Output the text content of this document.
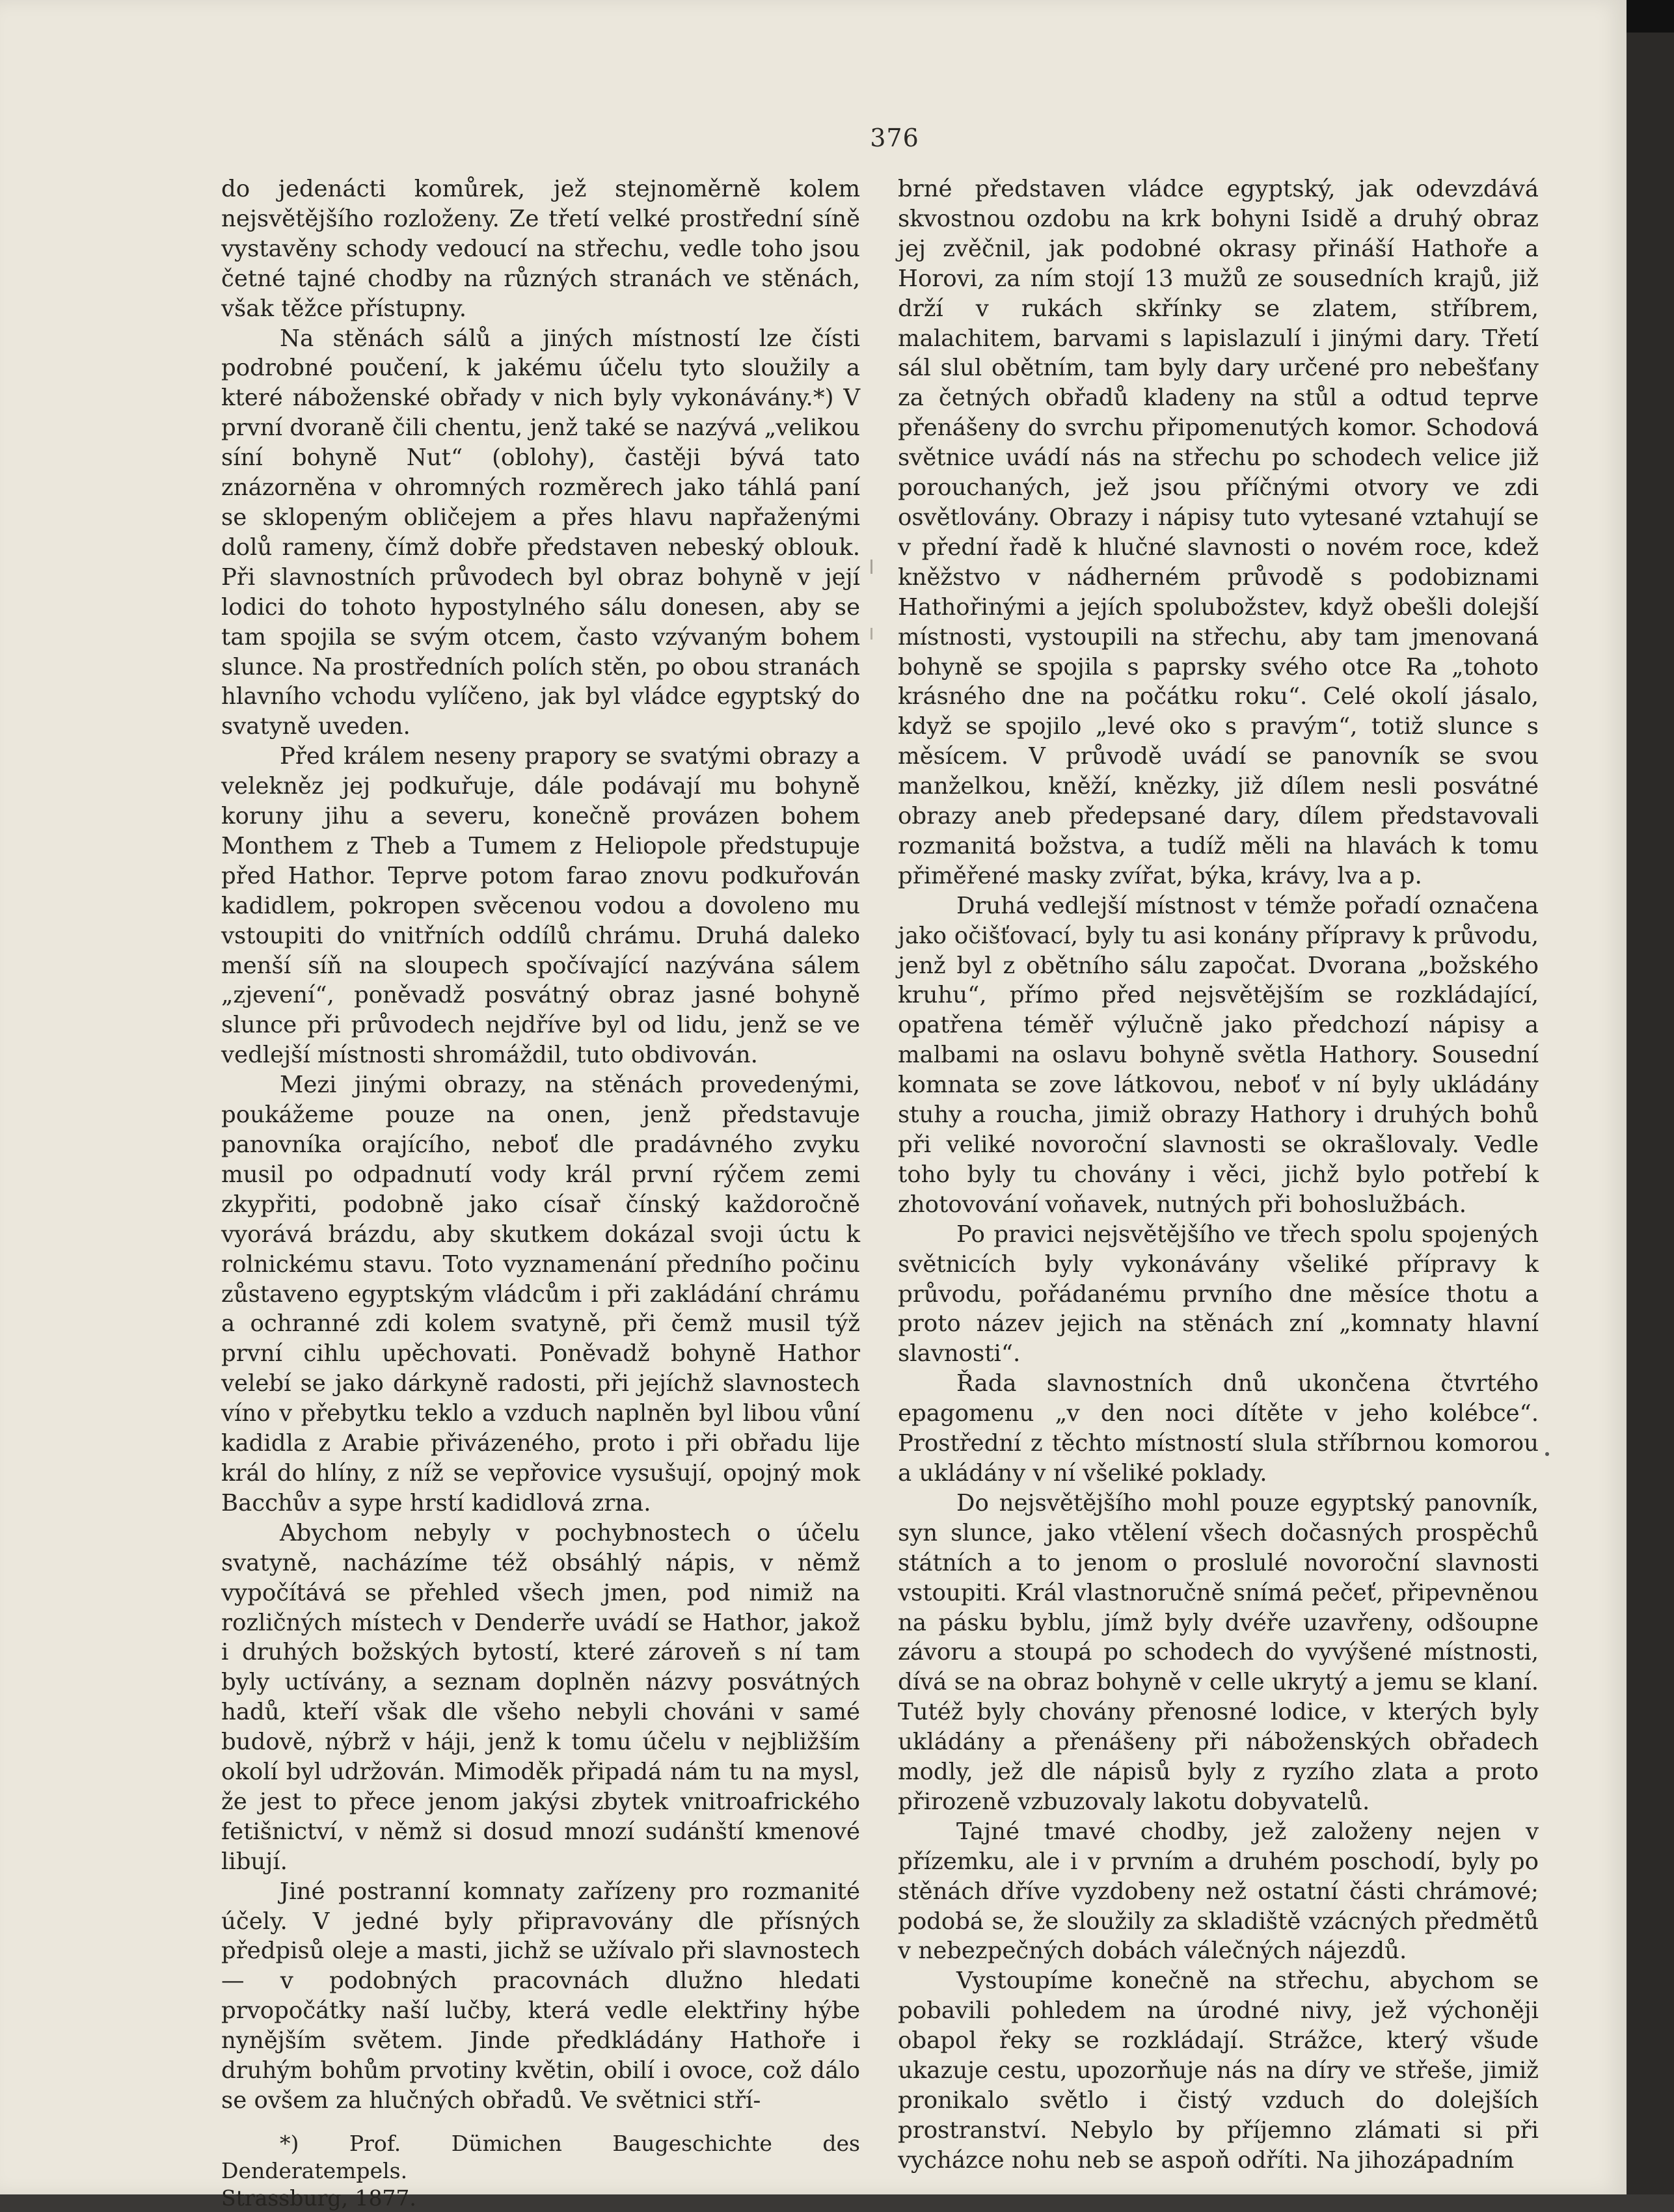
376

do jedenácti komůrek, jež stejnoměrně kolem nejsvětějšího rozloženy. Ze třetí velké prostřední síně vystavěny schody vedoucí na střechu, vedle toho jsou četné tajné chodby na různých stranách ve stěnách, však těžce přístupny.

Na stěnách sálů a jiných místností lze čísti podrobné poučení, k jakému účelu tyto sloužily a které náboženské obřady v nich byly vykonávány.*) V první dvoraně čili chentu, jenž také se nazývá „velikou síní bohyně Nut“ (oblohy), častěji bývá tato znázorněna v ohromných rozměrech jako táhlá paní se sklopeným obličejem a přes hlavu napřaženými dolů rameny, čímž dobře představen nebeský oblouk. Při slavnostních průvodech byl obraz bohyně v její lodici do tohoto hypostylného sálu donesen, aby se tam spojila se svým otcem, často vzývaným bohem slunce. Na prostředních polích stěn, po obou stranách hlavního vchodu vylíčeno, jak byl vládce egyptský do svatyně uveden.

Před králem neseny prapory se svatými obrazy a velekněz jej podkuřuje, dále podávají mu bohyně koruny jihu a severu, konečně provázen bohem Monthem z Theb a Tumem z Heliopole předstupuje před Hathor. Teprve potom farao znovu podkuřován kadidlem, pokropen svěcenou vodou a dovoleno mu vstoupiti do vnitřních oddílů chrámu. Druhá daleko menší síň na sloupech spočívající nazývána sálem „zjevení“, poněvadž posvátný obraz jasné bohyně slunce při průvodech nejdříve byl od lidu, jenž se ve vedlejší místnosti shromáždil, tuto obdivován.

Mezi jinými obrazy, na stěnách provedenými, poukážeme pouze na onen, jenž představuje panovníka orajícího, neboť dle pradávného zvyku musil po odpadnutí vody král první rýčem zemi zkypřiti, podobně jako císař čínský každoročně vyorává brázdu, aby skutkem dokázal svoji úctu k rolnickému stavu. Toto vyznamenání předního počinu zůstaveno egyptským vládcům i při zakládání chrámu a ochranné zdi kolem svatyně, při čemž musil týž první cihlu upěchovati. Poněvadž bohyně Hathor velebí se jako dárkyně radosti, při jejíchž slavnostech víno v přebytku teklo a vzduch naplněn byl libou vůní kadidla z Arabie přivázeného, proto i při obřadu lije král do hlíny, z níž se vepřovice vysušují, opojný mok Bacchův a sype hrstí kadidlová zrna.

Abychom nebyly v pochybnostech o účelu svatyně, nacházíme též obsáhlý nápis, v němž vypočítává se přehled všech jmen, pod nimiž na rozličných místech v Denderře uvádí se Hathor, jakož i druhých božských bytostí, které zároveň s ní tam byly uctívány, a seznam doplněn názvy posvátných hadů, kteří však dle všeho nebyli chováni v samé budově, nýbrž v háji, jenž k tomu účelu v nejbližším okolí byl udržován. Mimoděk připadá nám tu na mysl, že jest to přece jenom jakýsi zbytek vnitroafrického fetišnictví, v němž si dosud mnozí sudánští kmenové libují.

Jiné postranní komnaty zařízeny pro rozmanité účely. V jedné byly připravovány dle přísných předpisů oleje a masti, jichž se užívalo při slavnostech — v podobných pracovnách dlužno hledati prvopočátky naší lučby, která vedle elektřiny hýbe nynějším světem. Jinde předkládány Hathoře i druhým bohům prvotiny květin, obilí i ovoce, což dálo se ovšem za hlučných obřadů. Ve světnici stří-

*) Prof. Dümichen Baugeschichte des Denderatempels.
Strassburg, 1877.

brné představen vládce egyptský, jak odevzdává skvostnou ozdobu na krk bohyni Isidě a druhý obraz jej zvěčnil, jak podobné okrasy přináší Hathoře a Horovi, za ním stojí 13 mužů ze sousedních krajů, již drží v rukách skřínky se zlatem, stříbrem, malachitem, barvami s lapislazulí i jinými dary. Třetí sál slul obětním, tam byly dary určené pro nebešťany za četných obřadů kladeny na stůl a odtud teprve přenášeny do svrchu připomenutých komor. Schodová světnice uvádí nás na střechu po schodech velice již porouchaných, jež jsou příčnými otvory ve zdi osvětlovány. Obrazy i nápisy tuto vytesané vztahují se v přední řadě k hlučné slavnosti o novém roce, kdež kněžstvo v nádherném průvodě s podobiznami Hathořinými a jejích spolubožstev, když obešli dolejší místnosti, vystoupili na střechu, aby tam jmenovaná bohyně se spojila s paprsky svého otce Ra „tohoto krásného dne na počátku roku“. Celé okolí jásalo, když se spojilo „levé oko s pravým“, totiž slunce s měsícem. V průvodě uvádí se panovník se svou manželkou, kněží, knězky, již dílem nesli posvátné obrazy aneb předepsané dary, dílem představovali rozmanitá božstva, a tudíž měli na hlavách k tomu přiměřené masky zvířat, býka, krávy, lva a p.

Druhá vedlejší místnost v témže pořadí označena jako očišťovací, byly tu asi konány přípravy k průvodu, jenž byl z obětního sálu započat. Dvorana „božského kruhu“, přímo před nejsvětějším se rozkládající, opatřena téměř výlučně jako předchozí nápisy a malbami na oslavu bohyně světla Hathory. Sousední komnata se zove látkovou, neboť v ní byly ukládány stuhy a roucha, jimiž obrazy Hathory i druhých bohů při veliké novoroční slavnosti se okrašlovaly. Vedle toho byly tu chovány i věci, jichž bylo potřebí k zhotovování voňavek, nutných při bohoslužbách.

Po pravici nejsvětějšího ve třech spolu spojených světnicích byly vykonávány všeliké přípravy k průvodu, pořádanému prvního dne měsíce thotu a proto název jejich na stěnách zní „komnaty hlavní slavnosti“.

Řada slavnostních dnů ukončena čtvrtého epagomenu „v den noci dítěte v jeho kolébce“. Prostřední z těchto místností slula stříbrnou komorou a ukládány v ní všeliké poklady.

Do nejsvětějšího mohl pouze egyptský panovník, syn slunce, jako vtělení všech dočasných prospěchů státních a to jenom o proslulé novoroční slavnosti vstoupiti. Král vlastnoručně snímá pečeť, připevněnou na pásku byblu, jímž byly dvéře uzavřeny, odšoupne závoru a stoupá po schodech do vyvýšené místnosti, dívá se na obraz bohyně v celle ukrytý a jemu se klaní. Tutéž byly chovány přenosné lodice, v kterých byly ukládány a přenášeny při náboženských obřadech modly, jež dle nápisů byly z ryzího zlata a proto přirozeně vzbuzovaly lakotu dobyvatelů.

Tajné tmavé chodby, jež založeny nejen v přízemku, ale i v prvním a druhém poschodí, byly po stěnách dříve vyzdobeny než ostatní části chrámové; podobá se, že sloužily za skladiště vzácných předmětů v nebezpečných dobách válečných nájezdů.

Vystoupíme konečně na střechu, abychom se pobavili pohledem na úrodné nivy, jež výchoněji obapol řeky se rozkládají. Strážce, který všude ukazuje cestu, upozorňuje nás na díry ve střeše, jimiž pronikalo světlo i čistý vzduch do dolejších prostranství. Nebylo by příjemno zlámati si při vycházce nohu neb se aspoň odříti. Na jihozápadním
